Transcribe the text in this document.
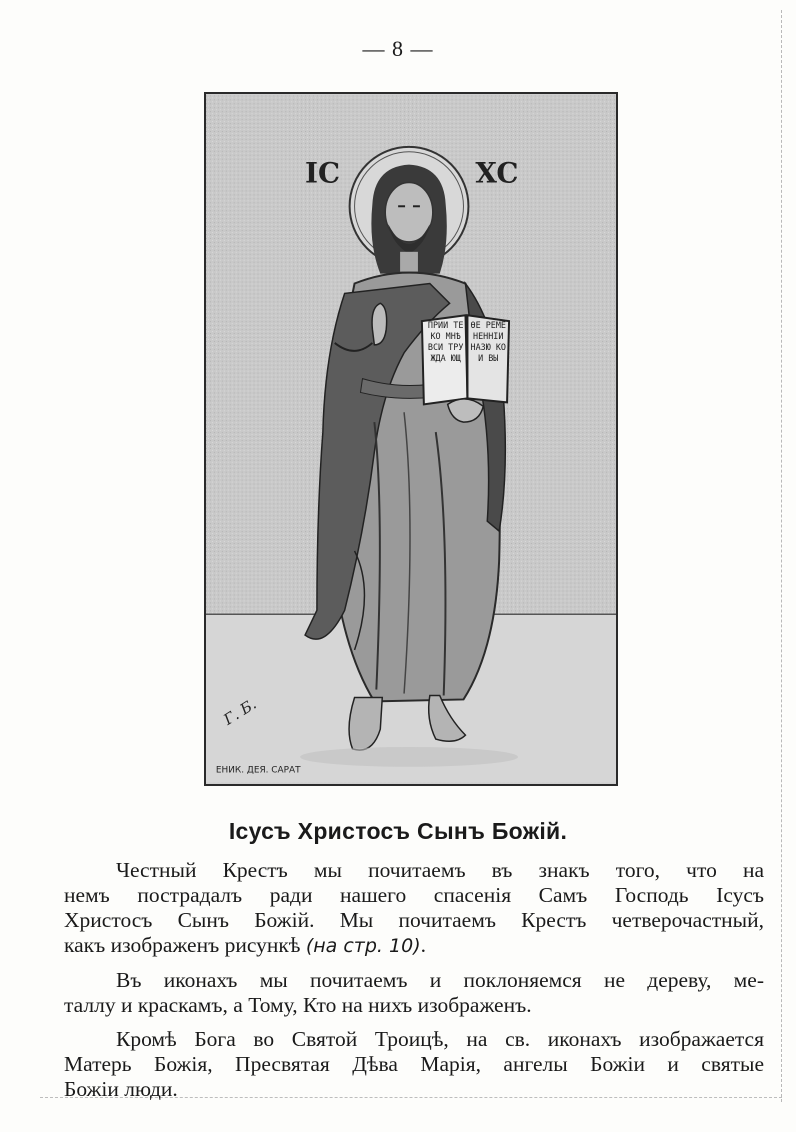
— 8 —
IC	XC
ПРИИ ТЕ КО МНѢ ВСИ ТРУ ЖДА ЮЩ
ѲЕ РЕМЕ НЕННІИ НАЗЮ КОИ ВЫ
Г. Б.
ЕНИК. ДЕЯ. САРАТ
Ісусъ Христосъ Сынъ Божій.
Честный Крестъ мы почитаемъ въ знакъ того, что на
немъ пострадалъ ради нашего спасенія Самъ Господь Ісусъ
Христосъ Сынъ Божій. Мы почитаемъ Крестъ четверочастный,
какъ изображенъ рисункѣ (на стр. 10).
Въ иконахъ мы почитаемъ и поклоняемся не дереву, ме-
таллу и краскамъ, а Тому, Кто на нихъ изображенъ.
Кромѣ Бога во Святой Троицѣ, на св. иконахъ изображается
Матерь Божія, Пресвятая Дѣва Марія, ангелы Божіи и святые
Божіи люди.
